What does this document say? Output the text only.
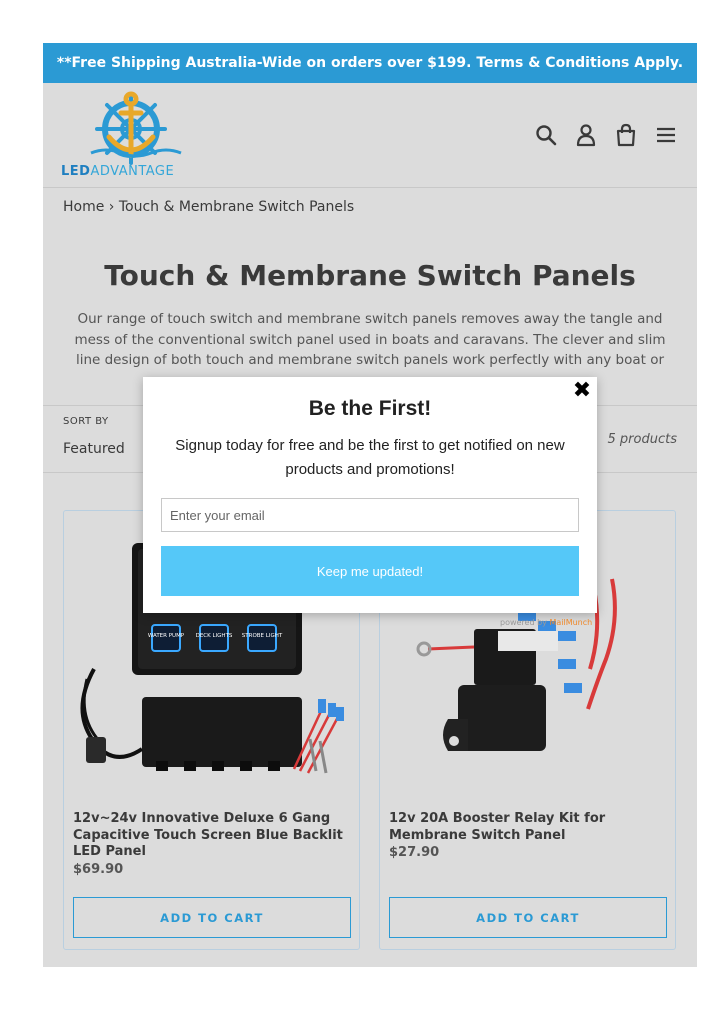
**Free Shipping Australia-Wide on orders over $199. Terms & Conditions Apply.
LEDADVANTAGE
Home › Touch & Membrane Switch Panels
Touch & Membrane Switch Panels

Our range of touch switch and membrane switch panels removes away the tangle and mess of the conventional switch panel used in boats and caravans. The clever and slim line design of both touch and membrane switch panels work perfectly with any boat or

SORT BY
Featured
5 products
WATER PUMP DECK LIGHTS STROBE LIGHT
12v~24v Innovative Deluxe 6 Gang Capacitive Touch Screen Blue Backlit LED Panel
$69.90
ADD TO CART
12v 20A Booster Relay Kit for Membrane Switch Panel
$27.90
ADD TO CART
✖
Be the First!
Signup today for free and be the first to get notified on new products and promotions!
Enter your email
Keep me updated!
powered by MailMunch
